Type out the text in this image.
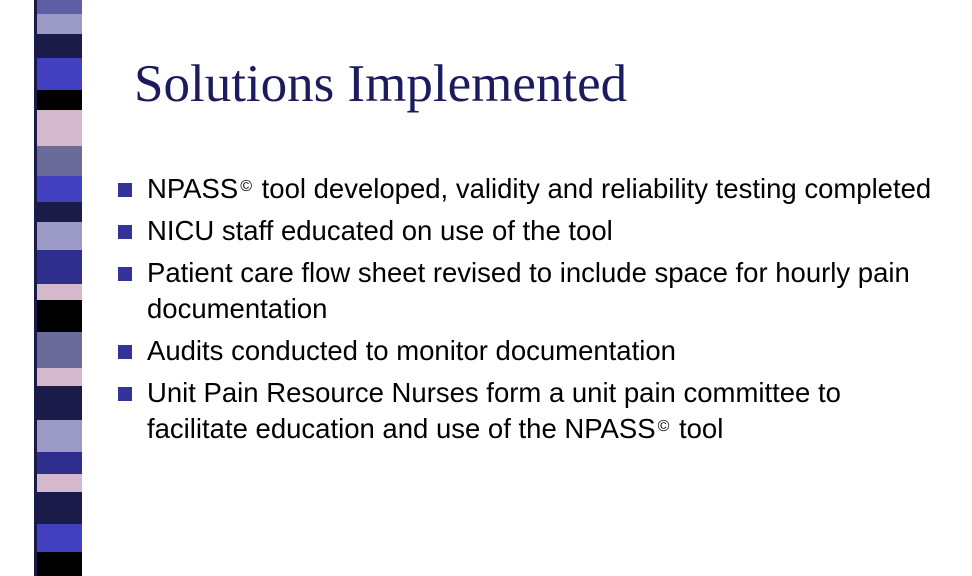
Solutions Implemented
NPASS © tool developed, validity and reliability testing completed
NICU staff educated on use of the tool
Patient care flow sheet revised to include space for hourly pain documentation
Audits conducted to monitor documentation
Unit Pain Resource Nurses form a unit pain committee to facilitate education and use of the NPASS © tool
